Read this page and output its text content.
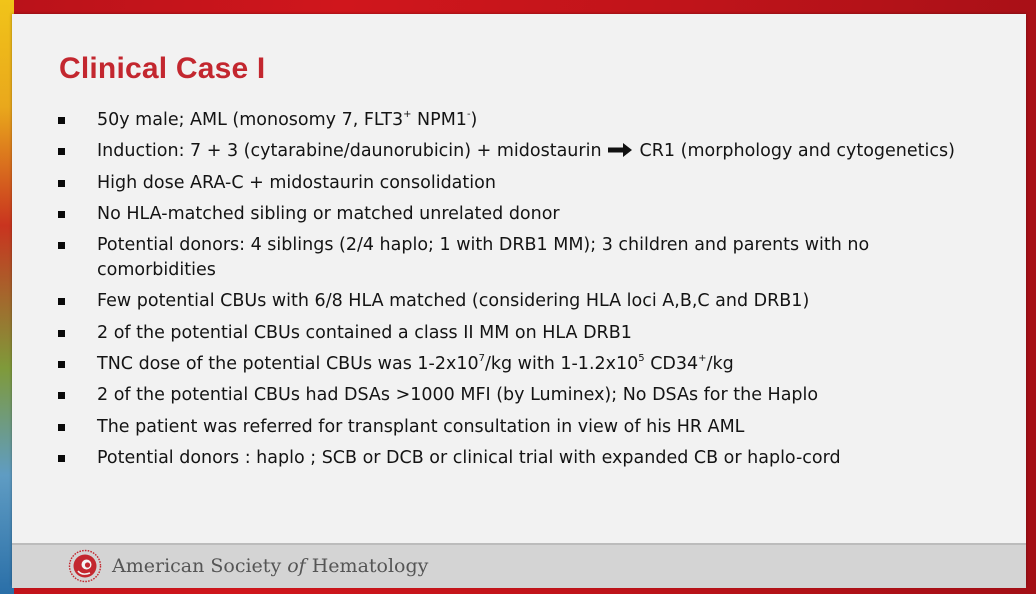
Clinical Case I
50y male; AML (monosomy 7, FLT3+ NPM1-)
Induction: 7 + 3 (cytarabine/daunorubicin) + midostaurin CR1 (morphology and cytogenetics)
High dose ARA-C + midostaurin consolidation
No HLA-matched sibling or matched unrelated donor
Potential donors: 4 siblings (2/4 haplo; 1 with DRB1 MM); 3 children and parents with no comorbidities
Few potential CBUs with 6/8 HLA matched (considering HLA loci A,B,C and DRB1)
2 of the potential CBUs contained a class II MM on HLA DRB1
TNC dose of the potential CBUs was $1-2x10^7/kg$ with $1-1.2x10^5$ CD34+/kg
2 of the potential CBUs had DSAs >1000 MFI (by Luminex); No DSAs for the Haplo
The patient was referred for transplant consultation in view of his HR AML
Potential donors : haplo ; SCB or DCB or clinical trial with expanded CB or haplo-cord
American Society of Hematology
